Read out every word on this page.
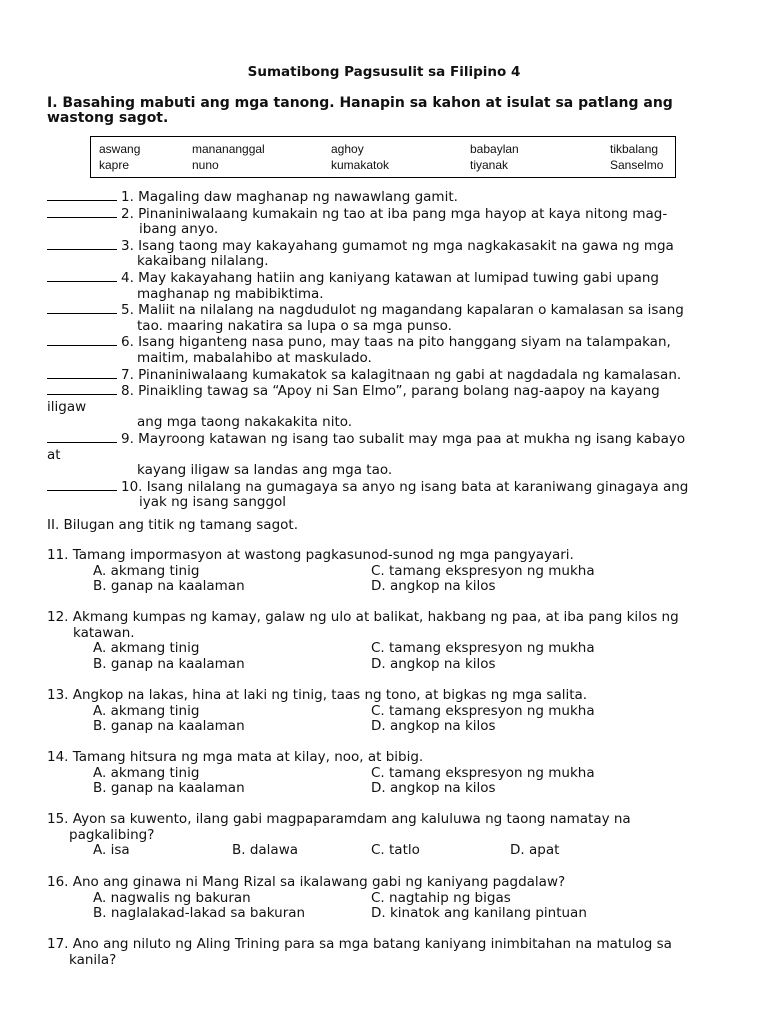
Sumatibong Pagsusulit sa Filipino 4
I. Basahing mabuti ang mga tanong. Hanapin sa kahon at isulat sa patlang ang wastong sagot.
aswang	manananggal	aghoy	babaylan	tikbalang
kapre	nuno	kumakatok	tiyanak	Sanselmo
1. Magaling daw maghanap ng nawawlang gamit.
2. Pinaniniwalaang kumakain ng tao at iba pang mga hayop at kaya nitong mag-
ibang anyo.
3. Isang taong may kakayahang gumamot ng mga nagkakasakit na gawa ng mga
kakaibang nilalang.
4. May kakayahang hatiin ang kaniyang katawan at lumipad tuwing gabi upang
maghanap ng mabibiktima.
5. Maliit na nilalang na nagdudulot ng magandang kapalaran o kamalasan sa isang
tao. maaring nakatira sa lupa o sa mga punso.
6. Isang higanteng nasa puno, may taas na pito hanggang siyam na talampakan,
maitim, mabalahibo at maskulado.
7. Pinaniniwalaang kumakatok sa kalagitnaan ng gabi at nagdadala ng kamalasan.
8. Pinaikling tawag sa “Apoy ni San Elmo”, parang bolang nag-aapoy na kayang
iligaw
ang mga taong nakakakita nito.
9. Mayroong katawan ng isang tao subalit may mga paa at mukha ng isang kabayo
at
kayang iligaw sa landas ang mga tao.
10. Isang nilalang na gumagaya sa anyo ng isang bata at karaniwang ginagaya ang
iyak ng isang sanggol
II. Bilugan ang titik ng tamang sagot.
11. Tamang impormasyon at wastong pagkasunod-sunod ng mga pangyayari.
A. akmang tinig	C. tamang ekspresyon ng mukha
B. ganap na kaalaman	D. angkop na kilos
12. Akmang kumpas ng kamay, galaw ng ulo at balikat, hakbang ng paa, at iba pang kilos ng
katawan.
A. akmang tinig	C. tamang ekspresyon ng mukha
B. ganap na kaalaman	D. angkop na kilos
13. Angkop na lakas, hina at laki ng tinig, taas ng tono, at bigkas ng mga salita.
A. akmang tinig	C. tamang ekspresyon ng mukha
B. ganap na kaalaman	D. angkop na kilos
14. Tamang hitsura ng mga mata at kilay, noo, at bibig.
A. akmang tinig	C. tamang ekspresyon ng mukha
B. ganap na kaalaman	D. angkop na kilos
15. Ayon sa kuwento, ilang gabi magpaparamdam ang kaluluwa ng taong namatay na
pagkalibing?
A. isa	B. dalawa	C. tatlo	D. apat
16. Ano ang ginawa ni Mang Rizal sa ikalawang gabi ng kaniyang pagdalaw?
A. nagwalis ng bakuran	C. nagtahip ng bigas
B. naglalakad-lakad sa bakuran	D. kinatok ang kanilang pintuan
17. Ano ang niluto ng Aling Trining para sa mga batang kaniyang inimbitahan na matulog sa
kanila?
